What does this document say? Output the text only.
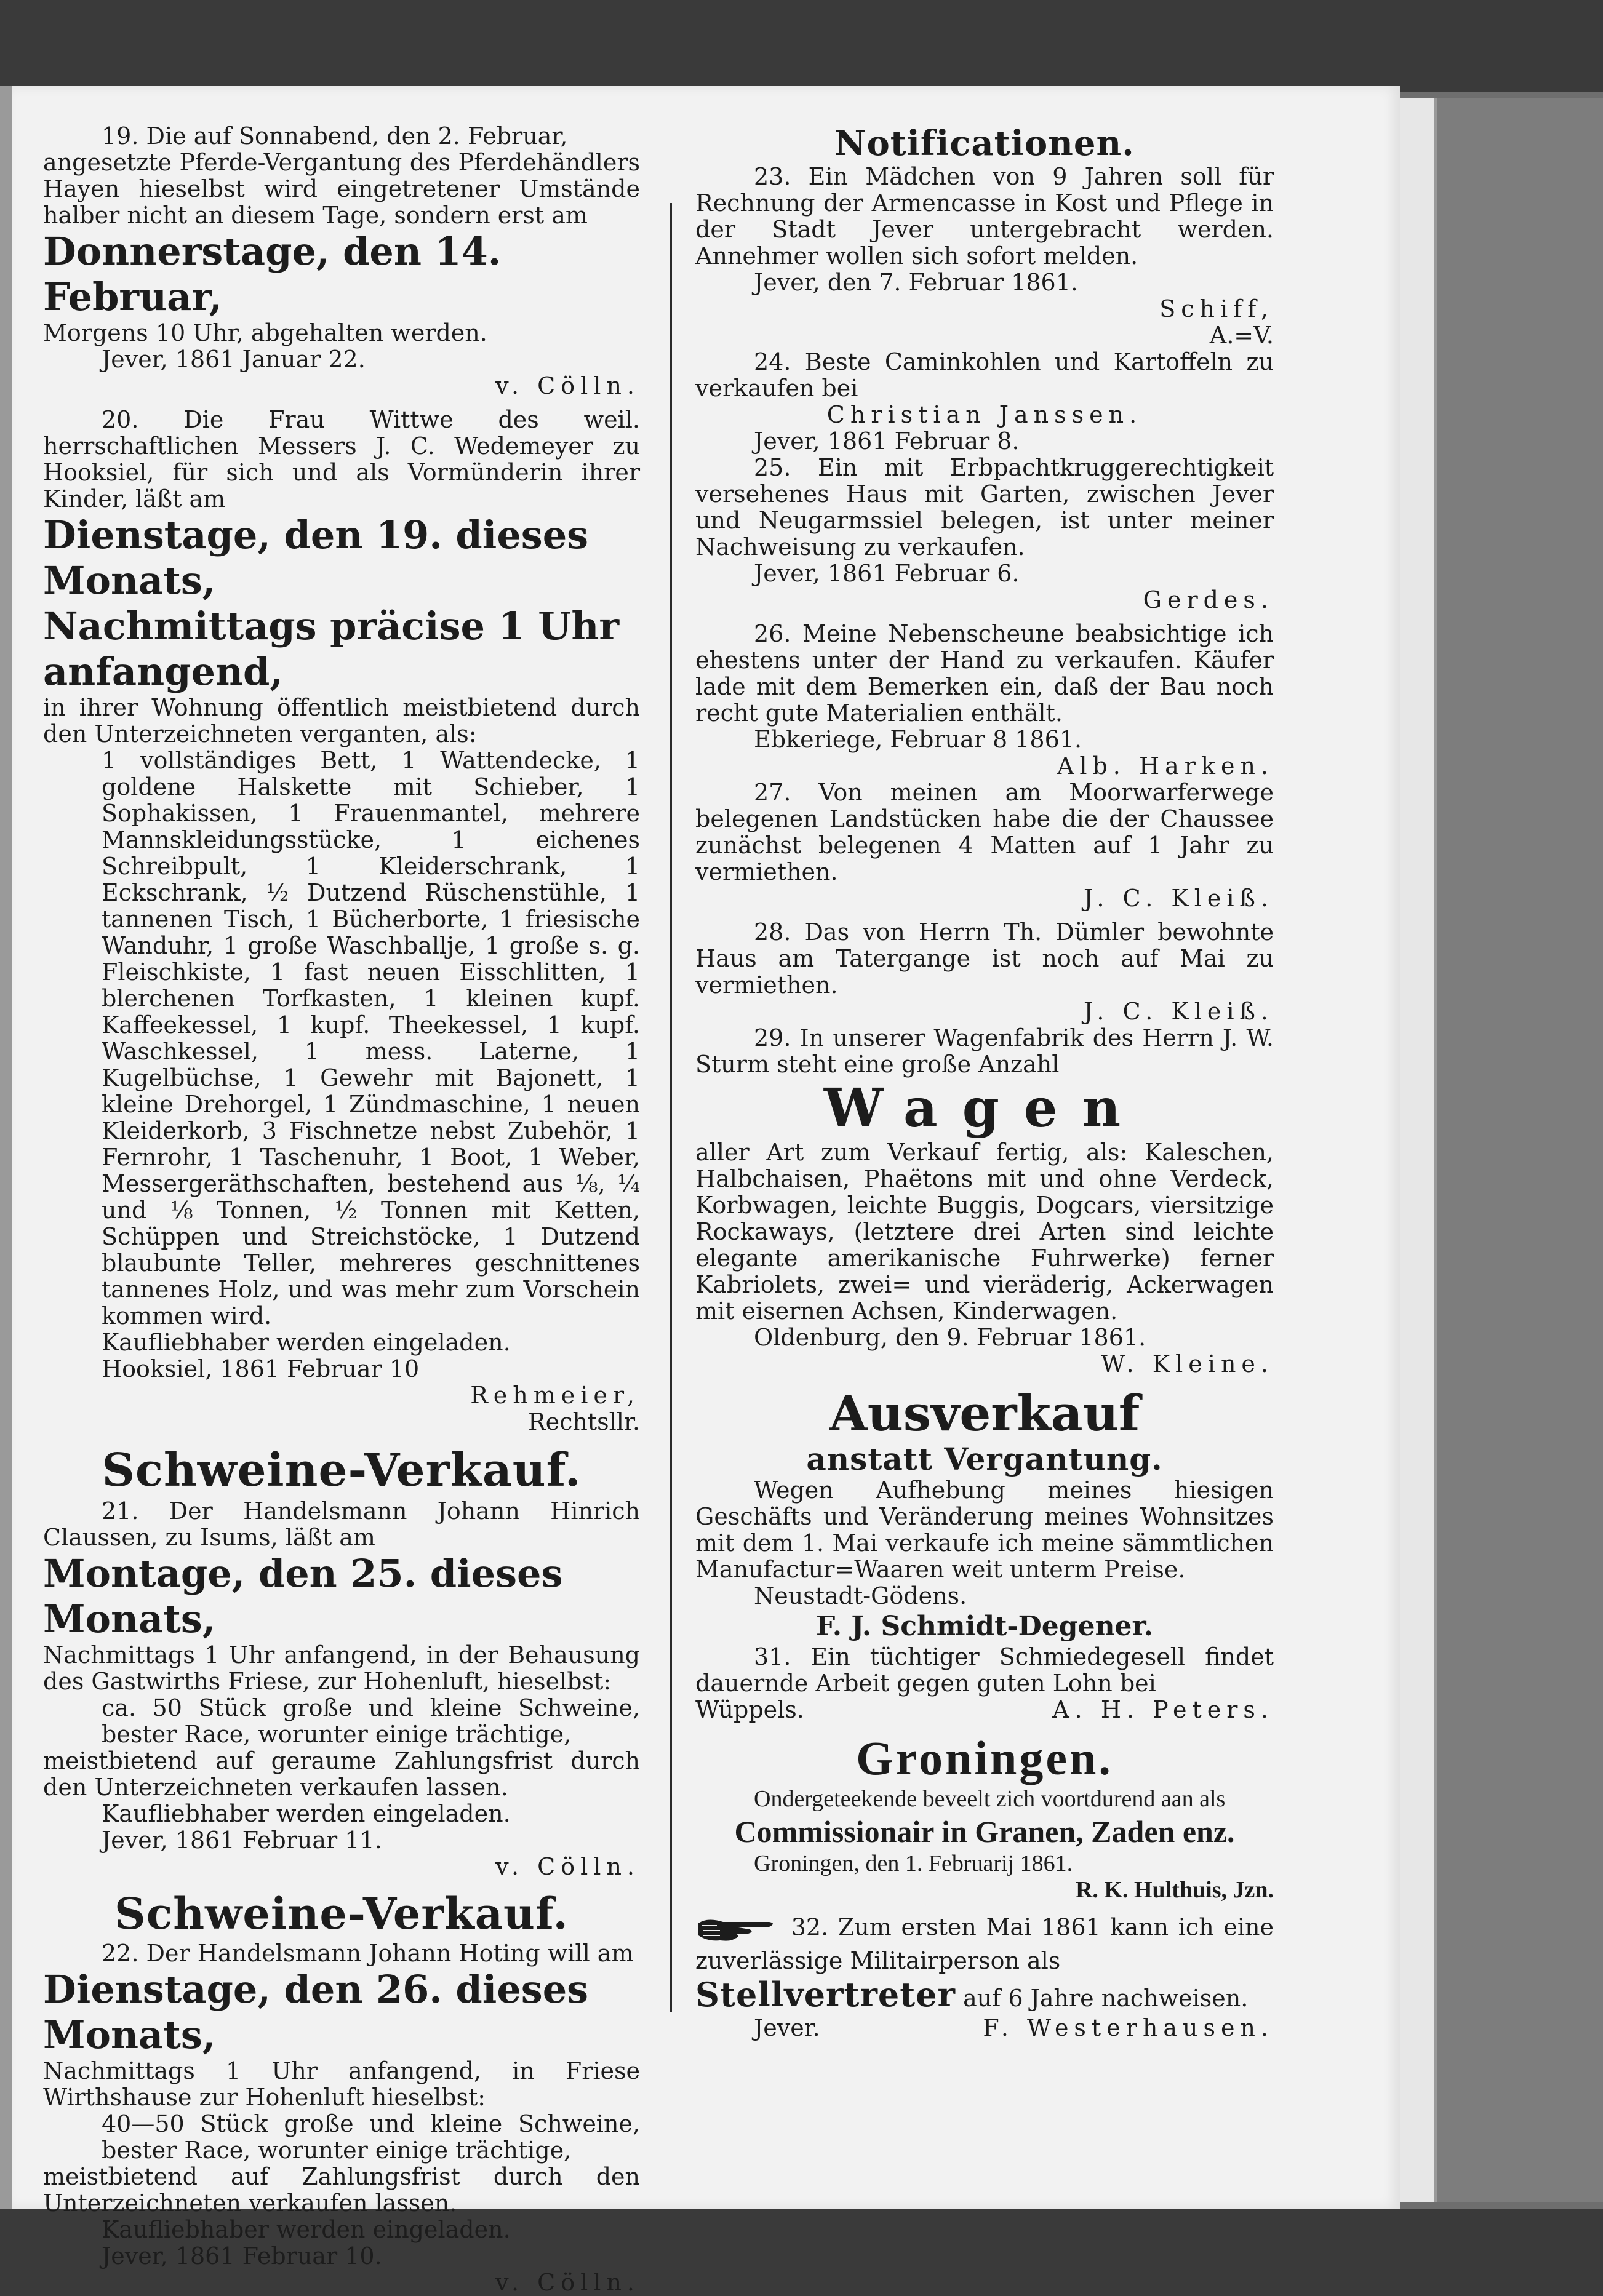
19. Die auf Sonnabend, den 2. Februar,

angesetzte Pferde-Vergantung des Pferdehändlers Hayen hieselbst wird eingetretener Umstände halber nicht an diesem Tage, sondern erst am

Donnerstage, den 14. Februar,

Morgens 10 Uhr, abgehalten werden.

Jever, 1861 Januar 22.

v. Cölln.

20. Die Frau Wittwe des weil. herrschaftlichen Messers J. C. Wedemeyer zu Hooksiel, für sich und als Vormünderin ihrer Kinder, läßt am

Dienstage, den 19. dieses Monats,

Nachmittags präcise 1 Uhr anfangend,

in ihrer Wohnung öffentlich meistbietend durch den Unterzeichneten verganten, als:

1 vollständiges Bett, 1 Wattendecke, 1 goldene Halskette mit Schieber, 1 Sophakissen, 1 Frauenmantel, mehrere Mannskleidungsstücke, 1 eichenes Schreibpult, 1 Kleiderschrank, 1 Eckschrank, ½ Dutzend Rüschenstühle, 1 tannenen Tisch, 1 Bücherborte, 1 friesische Wanduhr, 1 große Waschballje, 1 große s. g. Fleischkiste, 1 fast neuen Eisschlitten, 1 blerchenen Torfkasten, 1 kleinen kupf. Kaffeekessel, 1 kupf. Theekessel, 1 kupf. Waschkessel, 1 mess. Laterne, 1 Kugelbüchse, 1 Gewehr mit Bajonett, 1 kleine Drehorgel, 1 Zündmaschine, 1 neuen Kleiderkorb, 3 Fischnetze nebst Zubehör, 1 Fernrohr, 1 Taschenuhr, 1 Boot, 1 Weber, Messergeräthschaften, bestehend aus ⅛, ¼ und ⅛ Tonnen, ½ Tonnen mit Ketten, Schüppen und Streichstöcke, 1 Dutzend blaubunte Teller, mehreres geschnittenes tannenes Holz, und was mehr zum Vorschein kommen wird.

Kaufliebhaber werden eingeladen.

Hooksiel, 1861 Februar 10

Rehmeier,

Rechtsllr.

Schweine-Verkauf.

21. Der Handelsmann Johann Hinrich Claussen, zu Isums, läßt am

Montage, den 25. dieses Monats,

Nachmittags 1 Uhr anfangend, in der Behausung des Gastwirths Friese, zur Hohenluft, hieselbst:

ca. 50 Stück große und kleine Schweine, bester Race, worunter einige trächtige,

meistbietend auf geraume Zahlungsfrist durch den Unterzeichneten verkaufen lassen.

Kaufliebhaber werden eingeladen.

Jever, 1861 Februar 11.

v. Cölln.

Schweine-Verkauf.

22. Der Handelsmann Johann Hoting will am

Dienstage, den 26. dieses Monats,

Nachmittags 1 Uhr anfangend, in Friese Wirthshause zur Hohenluft hieselbst:

40—50 Stück große und kleine Schweine, bester Race, worunter einige trächtige,

meistbietend auf Zahlungsfrist durch den Unterzeichneten verkaufen lassen.

Kaufliebhaber werden eingeladen.

Jever, 1861 Februar 10.

v. Cölln.

Notificationen.

23. Ein Mädchen von 9 Jahren soll für Rechnung der Armencasse in Kost und Pflege in der Stadt Jever untergebracht werden. Annehmer wollen sich sofort melden.

Jever, den 7. Februar 1861.

Schiff,

A.=V.

24. Beste Caminkohlen und Kartoffeln zu verkaufen bei

Christian Janssen.

Jever, 1861 Februar 8.

25. Ein mit Erbpachtkruggerechtigkeit versehenes Haus mit Garten, zwischen Jever und Neugarmssiel belegen, ist unter meiner Nachweisung zu verkaufen.

Jever, 1861 Februar 6.

Gerdes.

26. Meine Nebenscheune beabsichtige ich ehestens unter der Hand zu verkaufen. Käufer lade mit dem Bemerken ein, daß der Bau noch recht gute Materialien enthält.

Ebkeriege, Februar 8 1861.

Alb. Harken.

27. Von meinen am Moorwarferwege belegenen Landstücken habe die der Chaussee zunächst belegenen 4 Matten auf 1 Jahr zu vermiethen.

J. C. Kleiß.

28. Das von Herrn Th. Dümler bewohnte Haus am Tatergange ist noch auf Mai zu vermiethen.

J. C. Kleiß.

29. In unserer Wagenfabrik des Herrn J. W. Sturm steht eine große Anzahl

Wagen

aller Art zum Verkauf fertig, als: Kaleschen, Halbchaisen, Phaëtons mit und ohne Verdeck, Korbwagen, leichte Buggis, Dogcars, viersitzige Rockaways, (letztere drei Arten sind leichte elegante amerikanische Fuhrwerke) ferner Kabriolets, zwei= und vieräderig, Ackerwagen mit eisernen Achsen, Kinderwagen.

Oldenburg, den 9. Februar 1861.

W. Kleine.

Ausverkauf

anstatt Vergantung.

Wegen Aufhebung meines hiesigen Geschäfts und Veränderung meines Wohnsitzes mit dem 1. Mai verkaufe ich meine sämmtlichen Manufactur=Waaren weit unterm Preise.

Neustadt-Gödens.

F. J. Schmidt-Degener.

31. Ein tüchtiger Schmiedegesell findet dauernde Arbeit gegen guten Lohn bei

Wüppels.	A. H. Peters.

Groningen.

Ondergeteekende beveelt zich voortdurend aan als

Commissionair in Granen, Zaden enz.

Groningen, den 1. Februarij 1861.

R. K. Hulthuis, Jzn.

32. Zum ersten Mai 1861 kann ich eine zuverlässige Militairperson als

Stellvertreter auf 6 Jahre nachweisen.

Jever.	F. Westerhausen.
